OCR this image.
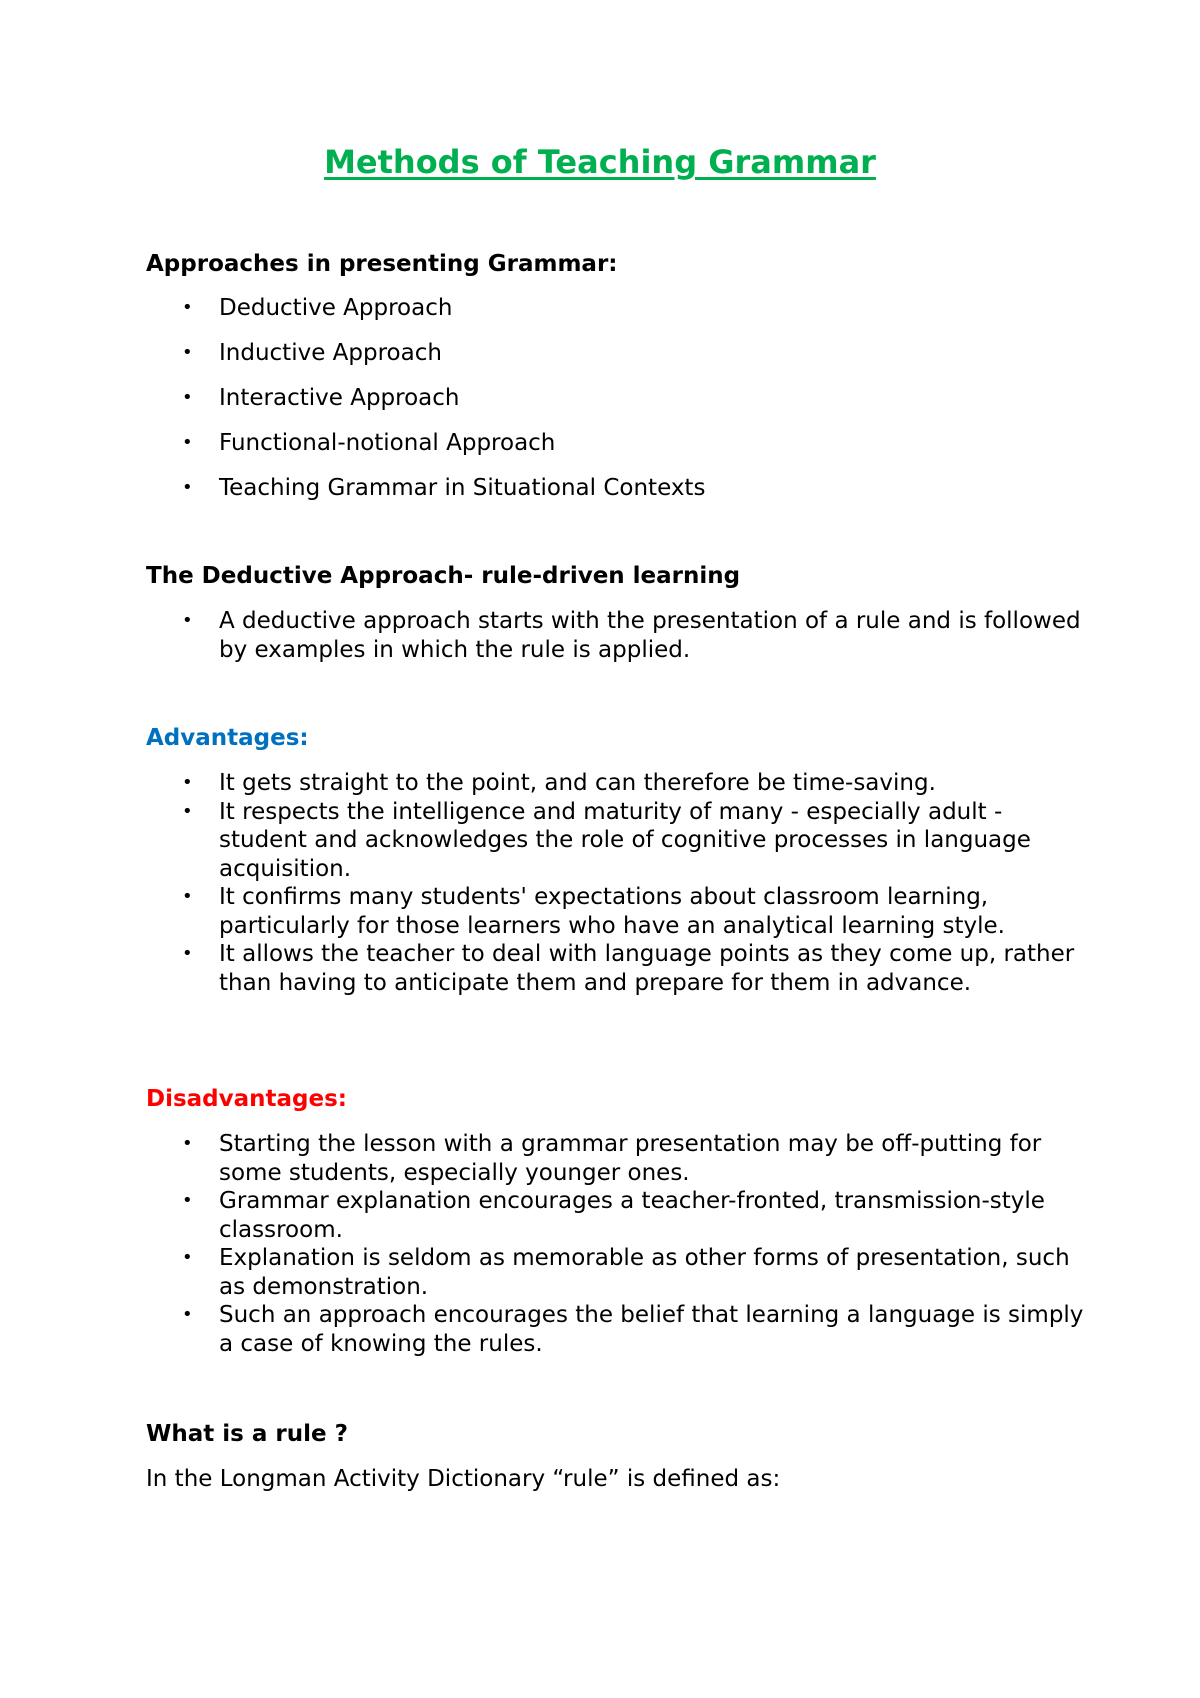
Methods of Teaching Grammar
Approaches in presenting Grammar:
• Deductive Approach
• Inductive Approach
• Interactive Approach
• Functional-notional Approach
• Teaching Grammar in Situational Contexts
The Deductive Approach- rule-driven learning
• A deductive approach starts with the presentation of a rule and is followed by examples in which the rule is applied.
Advantages:
• It gets straight to the point, and can therefore be time-saving.
• It respects the intelligence and maturity of many - especially adult -student and acknowledges the role of cognitive processes in language acquisition.
• It confirms many students' expectations about classroom learning, particularly for those learners who have an analytical learning style.
• It allows the teacher to deal with language points as they come up, rather than having to anticipate them and prepare for them in advance.
Disadvantages:
• Starting the lesson with a grammar presentation may be off-putting for some students, especially younger ones.
• Grammar explanation encourages a teacher-fronted, transmission-style classroom.
• Explanation is seldom as memorable as other forms of presentation, such as demonstration.
• Such an approach encourages the belief that learning a language is simply a case of knowing the rules.
What is a rule ?

In the Longman Activity Dictionary “rule” is defined as:
